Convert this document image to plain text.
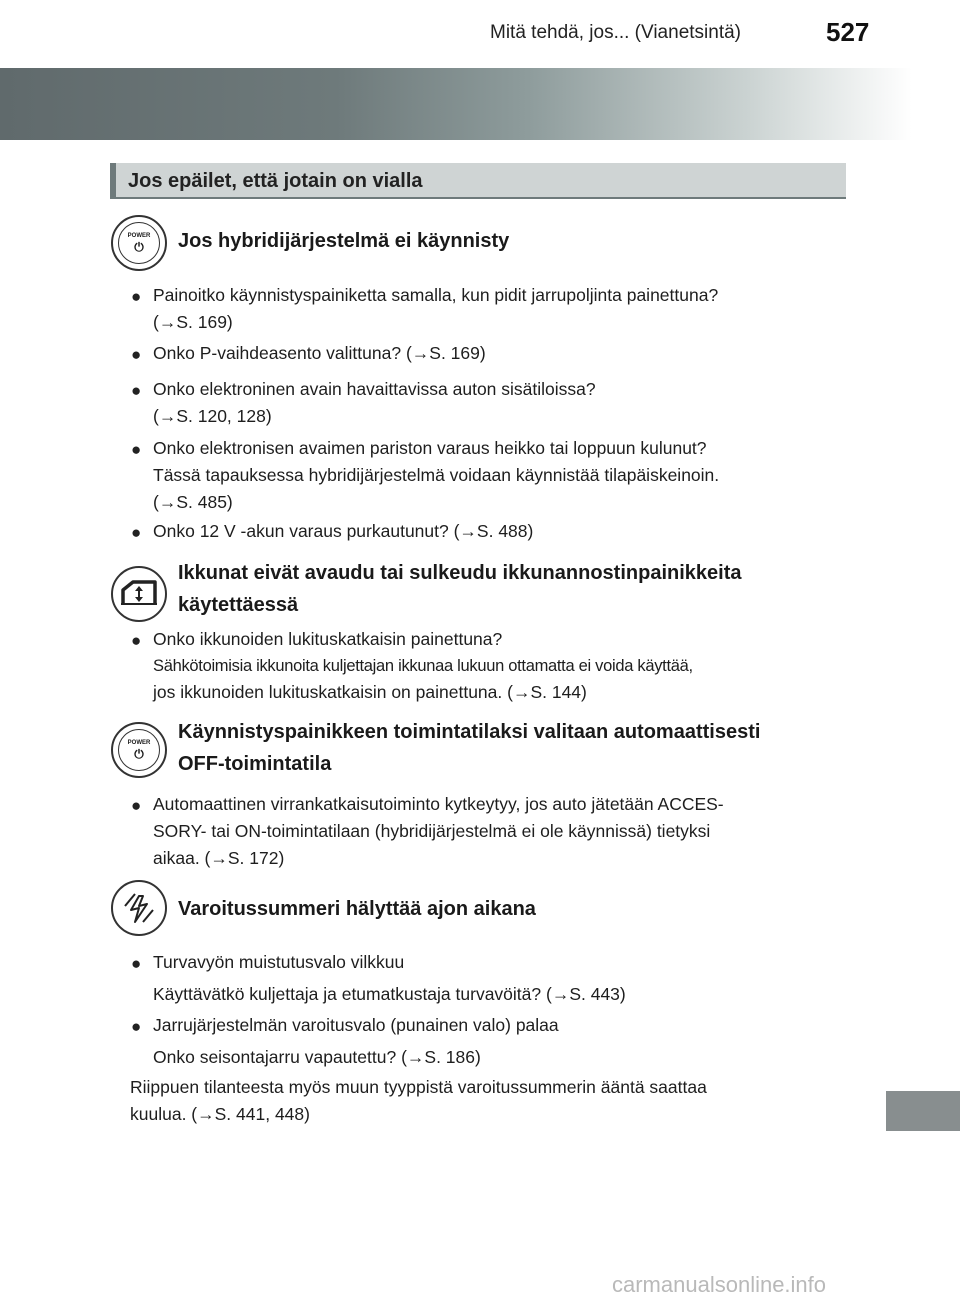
Mitä tehdä, jos... (Vianetsintä)	527
Jos epäilet, että jotain on vialla
POWER
⏻ Jos hybridijärjestelmä ei käynnisty
● Painoitko käynnistyspainiketta samalla, kun pidit jarrupoljinta painettuna?
(→S. 169)
● Onko P-vaihdeasento valittuna? (→S. 169)
● Onko elektroninen avain havaittavissa auton sisätiloissa?
(→S. 120, 128)
● Onko elektronisen avaimen pariston varaus heikko tai loppuun kulunut?
Tässä tapauksessa hybridijärjestelmä voidaan käynnistää tilapäiskeinoin.
(→S. 485)
● Onko 12 V -akun varaus purkautunut? (→S. 488)
Ikkunat eivät avaudu tai sulkeudu ikkunannostinpainikkeita
käytettäessä
● Onko ikkunoiden lukituskatkaisin painettuna?
Sähkötoimisia ikkunoita kuljettajan ikkunaa lukuun ottamatta ei voida käyttää,
jos ikkunoiden lukituskatkaisin on painettuna. (→S. 144)
POWER
⏻
Käynnistyspainikkeen toimintatilaksi valitaan automaattisesti
OFF-toimintatila
● Automaattinen virrankatkaisutoiminto kytkeytyy, jos auto jätetään ACCES-
SORY- tai ON-toimintatilaan (hybridijärjestelmä ei ole käynnissä) tietyksi
aikaa. (→S. 172)
Varoitussummeri hälyttää ajon aikana
● Turvavyön muistutusvalo vilkkuu
Käyttävätkö kuljettaja ja etumatkustaja turvavöitä? (→S. 443)
● Jarrujärjestelmän varoitusvalo (punainen valo) palaa
Onko seisontajarru vapautettu? (→S. 186)
Riippuen tilanteesta myös muun tyyppistä varoitussummerin ääntä saattaa
kuulua. (→S. 441, 448)
carmanualsonline.info
